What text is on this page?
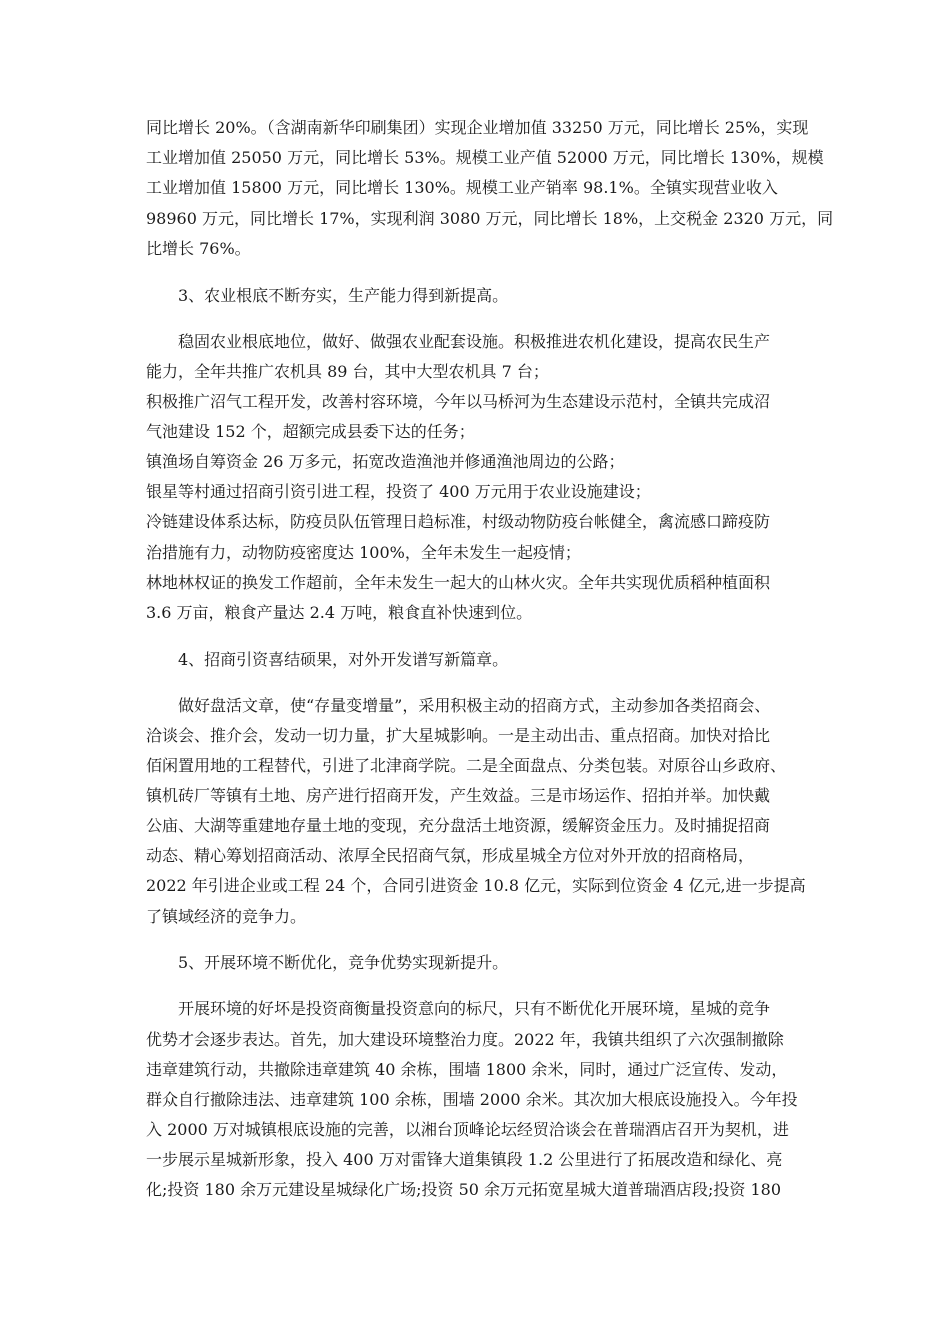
同比增长 20%。（含湖南新华印刷集团）实现企业增加值 33250 万元，同比增长 25%，实现
工业增加值 25050 万元，同比增长 53%。规模工业产值 52000 万元，同比增长 130%，规模
工业增加值 15800 万元，同比增长 130%。规模工业产销率 98.1%。全镇实现营业收入
98960 万元，同比增长 17%，实现利润 3080 万元，同比增长 18%，上交税金 2320 万元，同
比增长 76%。
3、农业根底不断夯实，生产能力得到新提高。
稳固农业根底地位，做好、做强农业配套设施。积极推进农机化建设，提高农民生产
能力，全年共推广农机具 89 台，其中大型农机具 7 台；
积极推广沼气工程开发，改善村容环境，今年以马桥河为生态建设示范村，全镇共完成沼
气池建设 152 个，超额完成县委下达的任务；
镇渔场自筹资金 26 万多元，拓宽改造渔池并修通渔池周边的公路；
银星等村通过招商引资引进工程，投资了 400 万元用于农业设施建设；
冷链建设体系达标，防疫员队伍管理日趋标准，村级动物防疫台帐健全，禽流感口蹄疫防
治措施有力，动物防疫密度达 100%，全年未发生一起疫情；
林地林权证的换发工作超前，全年未发生一起大的山林火灾。全年共实现优质稻种植面积
3.6 万亩，粮食产量达 2.4 万吨，粮食直补快速到位。
4、招商引资喜结硕果，对外开发谱写新篇章。
做好盘活文章，使“存量变增量”，采用积极主动的招商方式，主动参加各类招商会、
洽谈会、推介会，发动一切力量，扩大星城影响。一是主动出击、重点招商。加快对拾比
佰闲置用地的工程替代，引进了北津商学院。二是全面盘点、分类包装。对原谷山乡政府、
镇机砖厂等镇有土地、房产进行招商开发，产生效益。三是市场运作、招拍并举。加快戴
公庙、大湖等重建地存量土地的变现，充分盘活土地资源，缓解资金压力。及时捕捉招商
动态、精心筹划招商活动、浓厚全民招商气氛，形成星城全方位对外开放的招商格局，
2022 年引进企业或工程 24 个，合同引进资金 10.8 亿元，实际到位资金 4 亿元,进一步提高
了镇域经济的竞争力。
5、开展环境不断优化，竞争优势实现新提升。
开展环境的好坏是投资商衡量投资意向的标尺，只有不断优化开展环境，星城的竞争
优势才会逐步表达。首先，加大建设环境整治力度。2022 年，我镇共组织了六次强制撤除
违章建筑行动，共撤除违章建筑 40 余栋，围墙 1800 余米，同时，通过广泛宣传、发动，
群众自行撤除违法、违章建筑 100 余栋，围墙 2000 余米。其次加大根底设施投入。今年投
入 2000 万对城镇根底设施的完善，以湘台顶峰论坛经贸洽谈会在普瑞酒店召开为契机，进
一步展示星城新形象，投入 400 万对雷锋大道集镇段 1.2 公里进行了拓展改造和绿化、亮
化;投资 180 余万元建设星城绿化广场;投资 50 余万元拓宽星城大道普瑞酒店段;投资 180
